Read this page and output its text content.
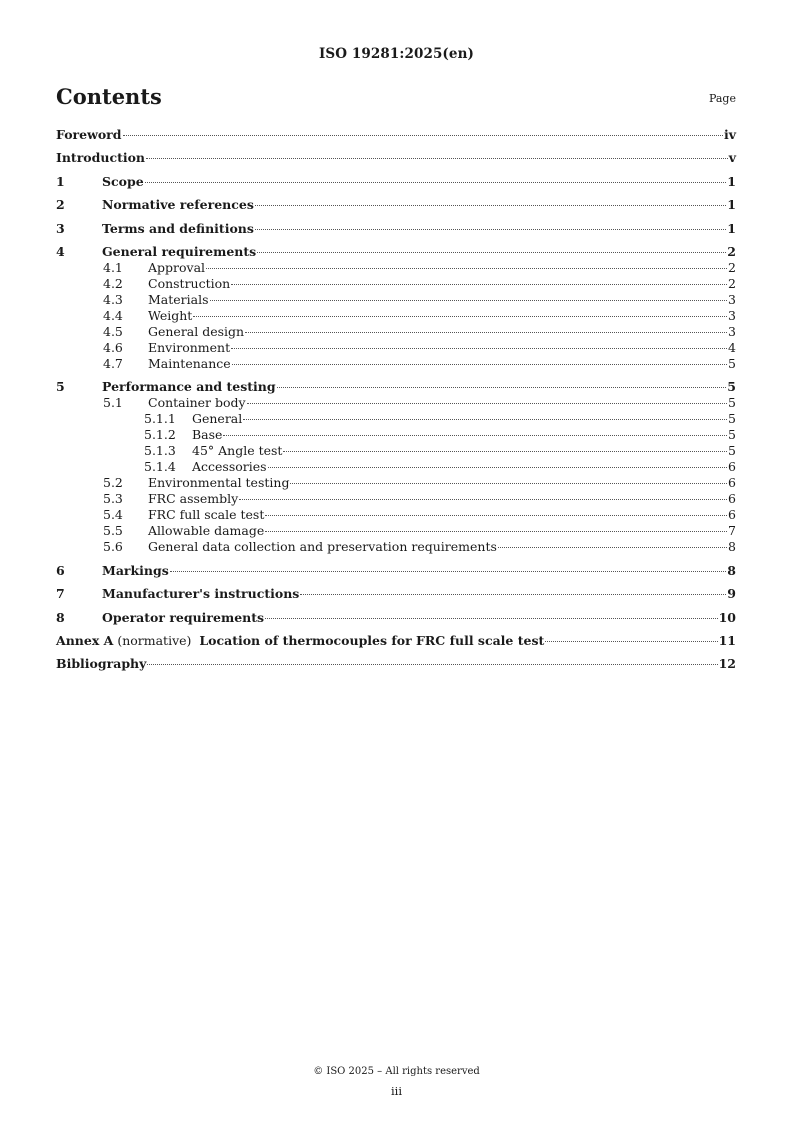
ISO 19281:2025(en)
Contents	Page
Foreword	iv
Introduction	v
1	Scope	1
2	Normative references	1
3	Terms and definitions	1
4	General requirements	2
4.1	Approval	2
4.2	Construction	2
4.3	Materials	3
4.4	Weight	3
4.5	General design	3
4.6	Environment	4
4.7	Maintenance	5
5	Performance and testing	5
5.1	Container body	5
5.1.1	General	5
5.1.2	Base	5
5.1.3	45° Angle test	5
5.1.4	Accessories	6
5.2	Environmental testing	6
5.3	FRC assembly	6
5.4	FRC full scale test	6
5.5	Allowable damage	7
5.6	General data collection and preservation requirements	8
6	Markings	8
7	Manufacturer's instructions	9
8	Operator requirements	10
Annex A (normative)  Location of thermocouples for FRC full scale test	11
Bibliography	12
© ISO 2025 – All rights reserved
iii
